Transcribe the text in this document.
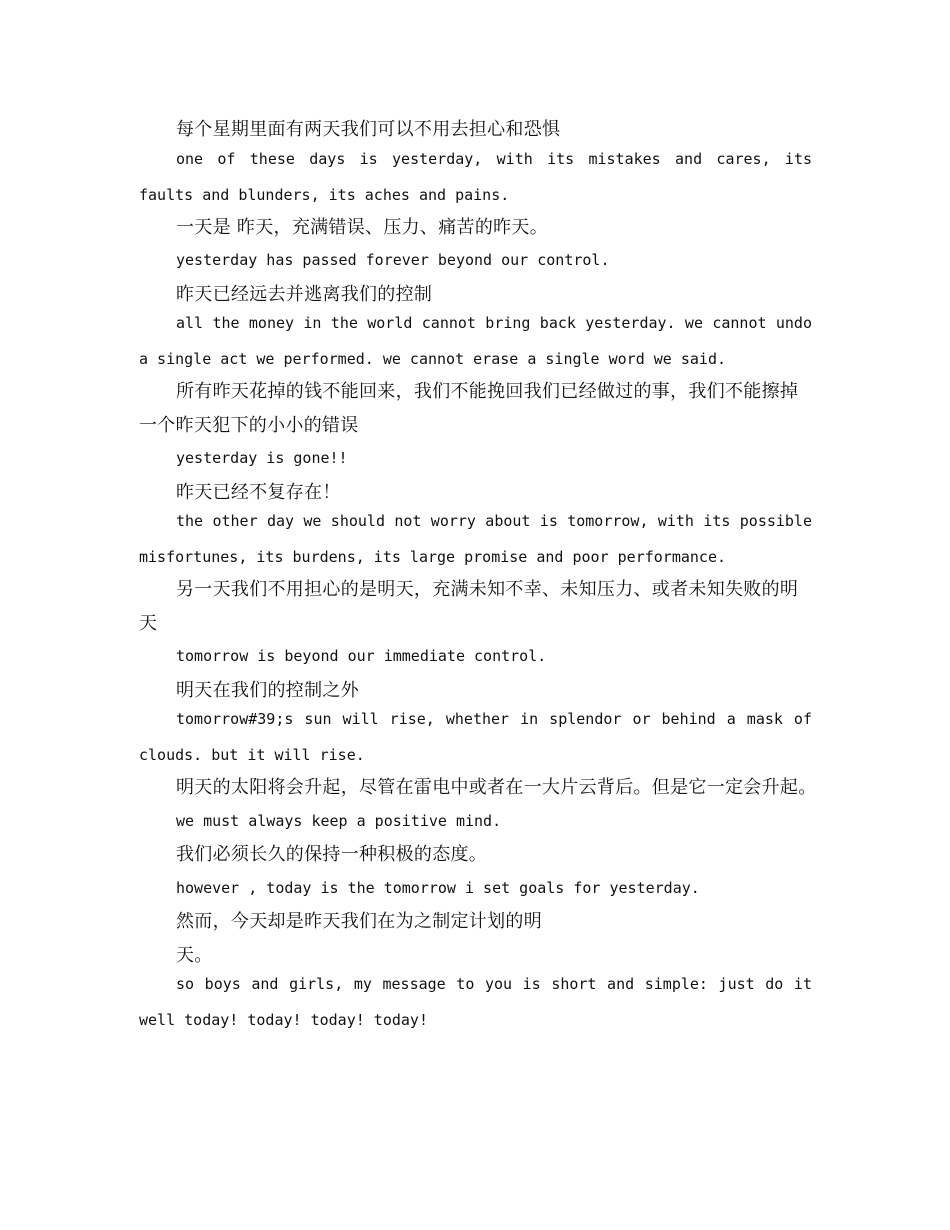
每个星期里面有两天我们可以不用去担心和恐惧

one of these days is yesterday, with its mistakes and cares, its faults and blunders, its aches and pains.

一天是 昨天，充满错误、压力、痛苦的昨天。

yesterday has passed forever beyond our control.

昨天已经远去并逃离我们的控制

all the money in the world cannot bring back yesterday. we cannot undo a single act we performed. we cannot erase a single word we said.

所有昨天花掉的钱不能回来，我们不能挽回我们已经做过的事，我们不能擦掉一个昨天犯下的小小的错误

yesterday is gone!!

昨天已经不复存在！

the other day we should not worry about is tomorrow, with its possible misfortunes, its burdens, its large promise and poor performance.

另一天我们不用担心的是明天，充满未知不幸、未知压力、或者未知失败的明天

tomorrow is beyond our immediate control.

明天在我们的控制之外

tomorrow#39;s sun will rise, whether in splendor or behind a mask of clouds. but it will rise.

明天的太阳将会升起，尽管在雷电中或者在一大片云背后。但是它一定会升起。

we must always keep a positive mind.

我们必须长久的保持一种积极的态度。

however , today is the tomorrow i set goals for yesterday.

然而，今天却是昨天我们在为之制定计划的明

天。

so boys and girls, my message to you is short and simple: just do it well today! today! today! today!
